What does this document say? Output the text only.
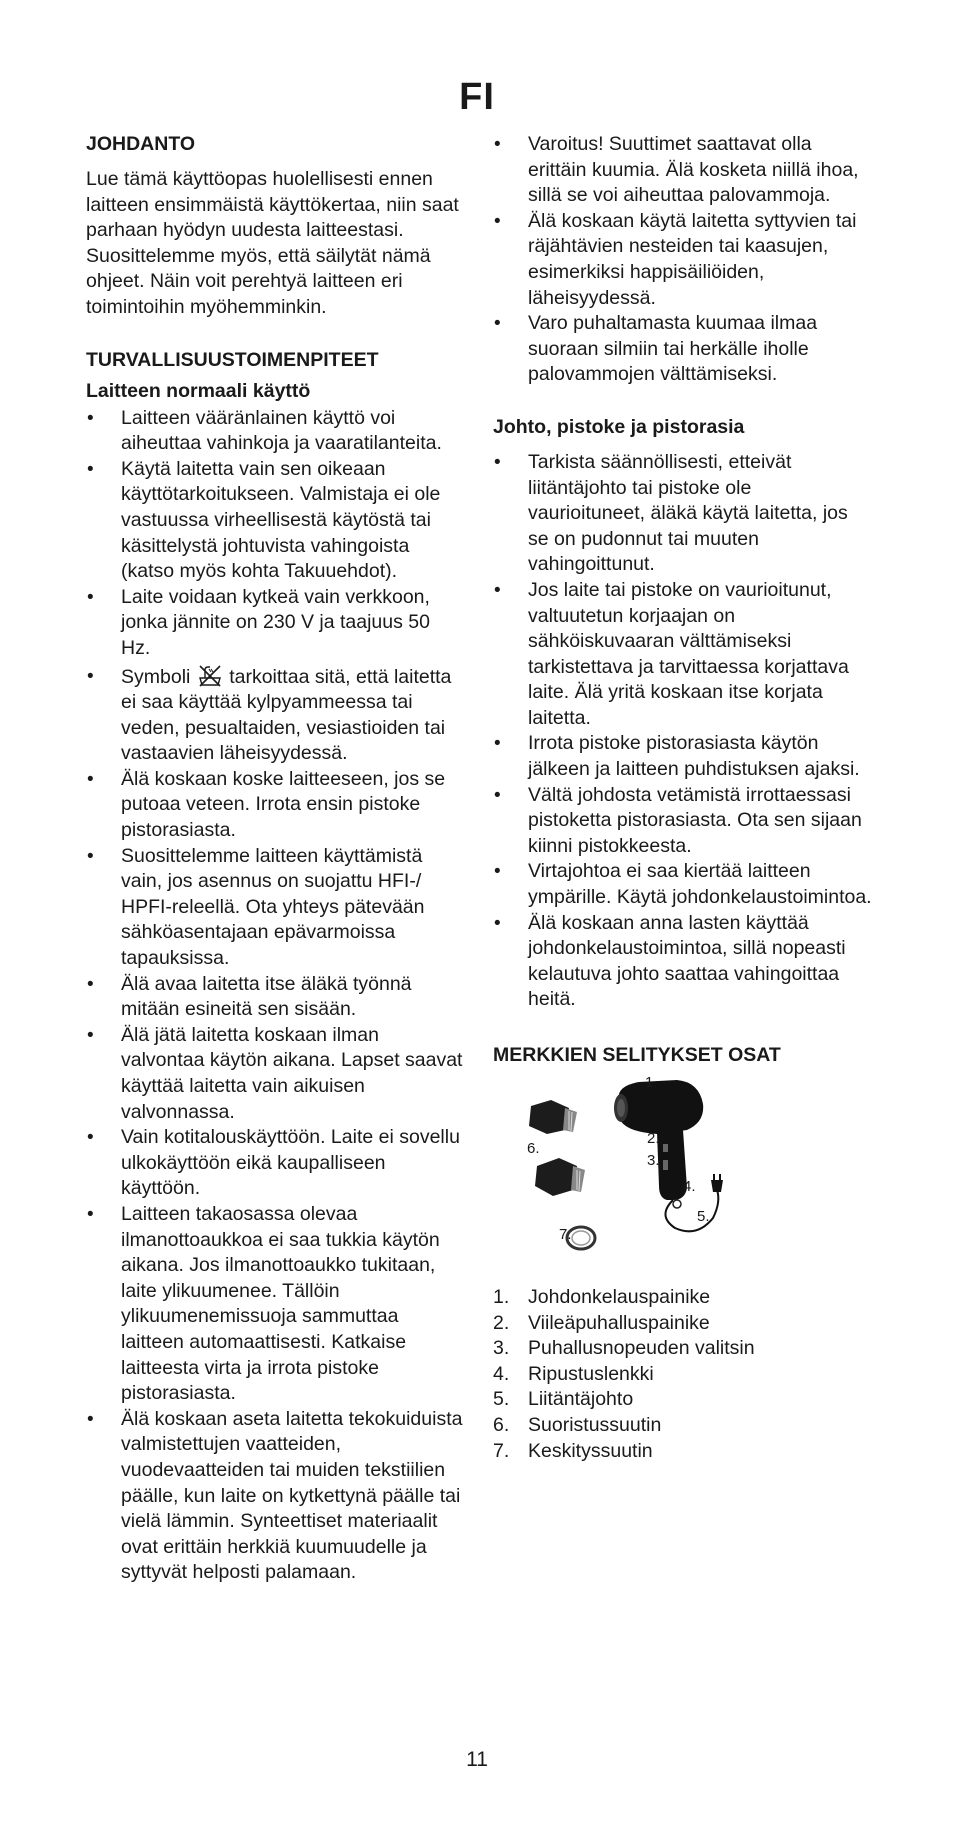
FI
JOHDANTO
Lue tämä käyttöopas huolellisesti ennen laitteen ensimmäistä käyttökertaa, niin saat parhaan hyödyn uudesta laitteestasi. Suosittelemme myös, että säilytät nämä ohjeet. Näin voit perehtyä laitteen eri toimintoihin myöhemminkin.
TURVALLISUUSTOIMENPITEET
Laitteen normaali käyttö
• Laitteen vääränlainen käyttö voi aiheuttaa vahinkoja ja vaaratilanteita.
• Käytä laitetta vain sen oikeaan käyttötarkoitukseen. Valmistaja ei ole vastuussa virheellisestä käytöstä tai käsittelystä johtuvista vahingoista (katso myös kohta Takuuehdot).
• Laite voidaan kytkeä vain verkkoon, jonka jännite on 230 V ja taajuus 50 Hz.
• Symboli tarkoittaa sitä, että laitetta ei saa käyttää kylpyammeessa tai veden, pesualtaiden, vesiastioiden tai vastaavien läheisyydessä.
• Älä koskaan koske laitteeseen, jos se putoaa veteen. Irrota ensin pistoke pistorasiasta.
• Suosittelemme laitteen käyttämistä vain, jos asennus on suojattu HFI-/ HPFI-releellä. Ota yhteys pätevään sähköasentajaan epävarmoissa tapauksissa.
• Älä avaa laitetta itse äläkä työnnä mitään esineitä sen sisään.
• Älä jätä laitetta koskaan ilman valvontaa käytön aikana. Lapset saavat käyttää laitetta vain aikuisen valvonnassa.
• Vain kotitalouskäyttöön. Laite ei sovellu ulkokäyttöön eikä kaupalliseen käyttöön.
• Laitteen takaosassa olevaa ilmanottoaukkoa ei saa tukkia käytön aikana. Jos ilmanottoaukko tukitaan, laite ylikuumenee. Tällöin ylikuumenemissuoja sammuttaa laitteen automaattisesti. Katkaise laitteesta virta ja irrota pistoke pistorasiasta.
• Älä koskaan aseta laitetta tekokuiduista valmistettujen vaatteiden, vuodevaatteiden tai muiden tekstiilien päälle, kun laite on kytkettynä päälle tai vielä lämmin. Synteettiset materiaalit ovat erittäin herkkiä kuumuudelle ja syttyvät helposti palamaan.
• Varoitus! Suuttimet saattavat olla erittäin kuumia. Älä kosketa niillä ihoa, sillä se voi aiheuttaa palovammoja.
• Älä koskaan käytä laitetta syttyvien tai räjähtävien nesteiden tai kaasujen, esimerkiksi happisäiliöiden, läheisyydessä.
• Varo puhaltamasta kuumaa ilmaa suoraan silmiin tai herkälle iholle palovammojen välttämiseksi.
Johto, pistoke ja pistorasia
• Tarkista säännöllisesti, etteivät liitäntäjohto tai pistoke ole vaurioituneet, äläkä käytä laitetta, jos se on pudonnut tai muuten vahingoittunut.
• Jos laite tai pistoke on vaurioitunut, valtuutetun korjaajan on sähköiskuvaaran välttämiseksi tarkistettava ja tarvittaessa korjattava laite. Älä yritä koskaan itse korjata laitetta.
• Irrota pistoke pistorasiasta käytön jälkeen ja laitteen puhdistuksen ajaksi.
• Vältä johdosta vetämistä irrottaessasi pistoketta pistorasiasta. Ota sen sijaan kiinni pistokkeesta.
• Virtajohtoa ei saa kiertää laitteen ympärille. Käytä johdonkelaustoimintoa.
• Älä koskaan anna lasten käyttää johdonkelaustoimintoa, sillä nopeasti kelautuva johto saattaa vahingoittaa heitä.
MERKKIEN SELITYKSET OSAT
1.
2.
3.
4.
5.
6.
7.
1. Johdonkelauspainike
2. Viileäpuhalluspainike
3. Puhallusnopeuden valitsin
4. Ripustuslenkki
5. Liitäntäjohto
6. Suoristussuutin
7. Keskityssuutin
11
